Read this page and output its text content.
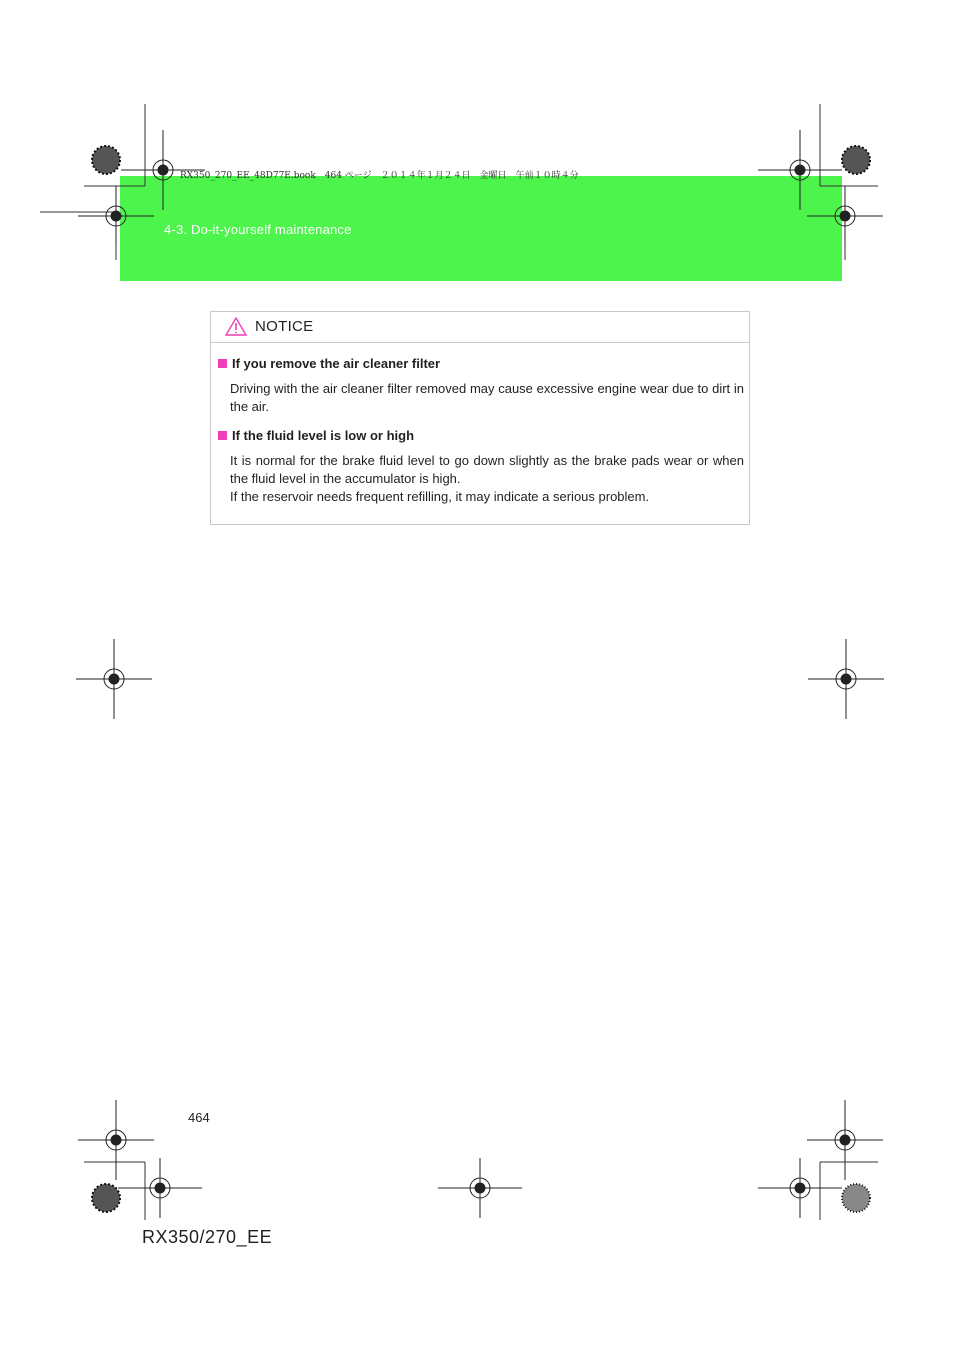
4-3. Do-it-yourself maintenance
RX350_270_EE_48D77E.book　464 ページ　２０１４年１月２４日　金曜日　午前１０時４分
NOTICE
If you remove the air cleaner filter
Driving with the air cleaner filter removed may cause excessive engine wear due to dirt in the air.
If the fluid level is low or high
It is normal for the brake fluid level to go down slightly as the brake pads wear or when the fluid level in the accumulator is high.
If the reservoir needs frequent refilling, it may indicate a serious problem.
464
RX350/270_EE
